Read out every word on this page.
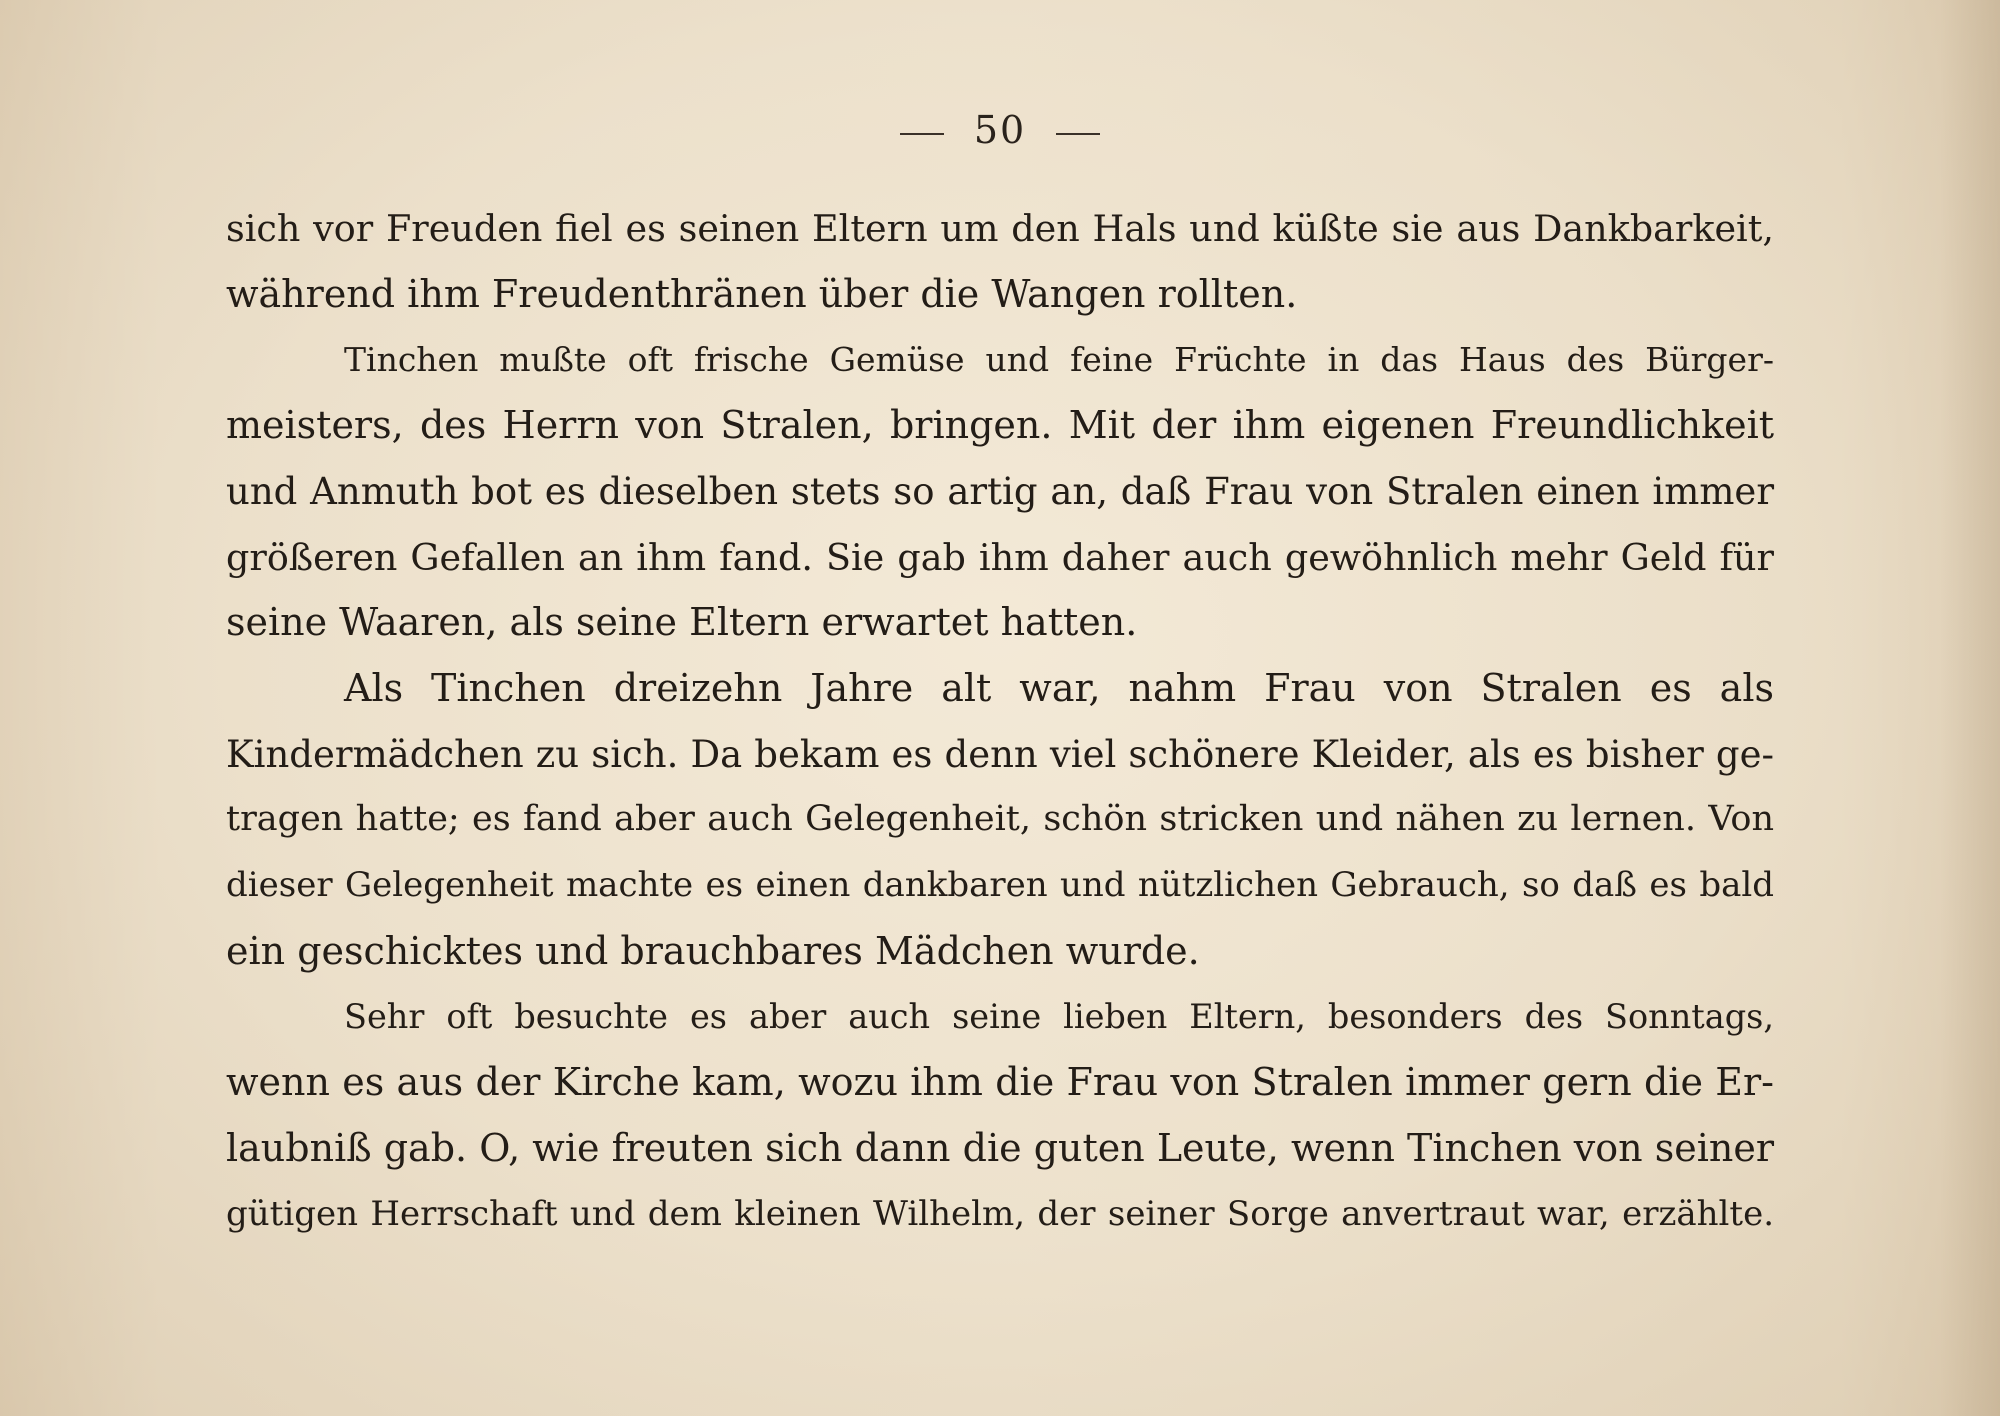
50
sich vor Freuden fiel es seinen Eltern um den Hals und küßte sie aus Dankbarkeit,
während ihm Freudenthränen über die Wangen rollten.
Tinchen mußte oft frische Gemüse und feine Früchte in das Haus des Bürger-
meisters, des Herrn von Stralen, bringen. Mit der ihm eigenen Freundlichkeit
und Anmuth bot es dieselben stets so artig an, daß Frau von Stralen einen immer
größeren Gefallen an ihm fand. Sie gab ihm daher auch gewöhnlich mehr Geld für
seine Waaren, als seine Eltern erwartet hatten.
Als Tinchen dreizehn Jahre alt war, nahm Frau von Stralen es als
Kindermädchen zu sich. Da bekam es denn viel schönere Kleider, als es bisher ge-
tragen hatte; es fand aber auch Gelegenheit, schön stricken und nähen zu lernen. Von
dieser Gelegenheit machte es einen dankbaren und nützlichen Gebrauch, so daß es bald
ein geschicktes und brauchbares Mädchen wurde.
Sehr oft besuchte es aber auch seine lieben Eltern, besonders des Sonntags,
wenn es aus der Kirche kam, wozu ihm die Frau von Stralen immer gern die Er-
laubniß gab. O, wie freuten sich dann die guten Leute, wenn Tinchen von seiner
gütigen Herrschaft und dem kleinen Wilhelm, der seiner Sorge anvertraut war, erzählte.
